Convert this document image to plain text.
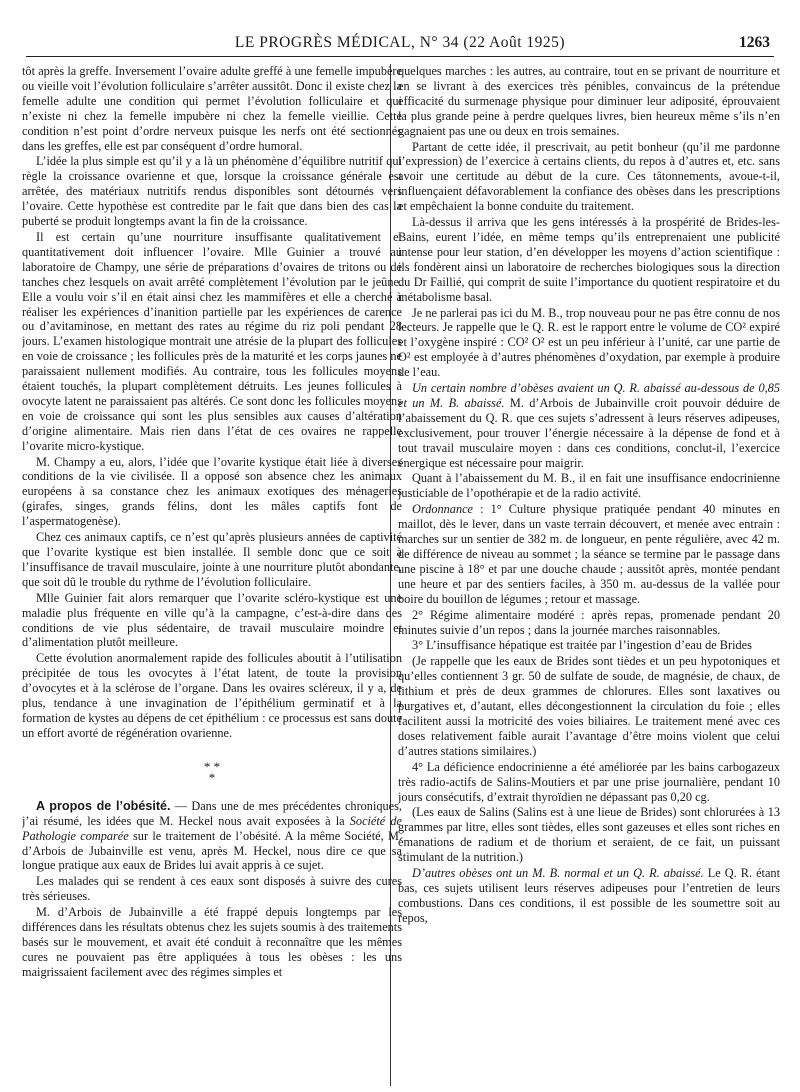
LE PROGRÈS MÉDICAL, N° 34 (22 Août 1925)	1263

tôt après la greffe. Inversement l’ovaire adulte greffé à une femelle impubère ou vieille voit l’évolution folliculaire s’arrêter aussitôt. Donc il existe chez la femelle adulte une condition qui permet l’évolution folliculaire et qui n’existe ni chez la femelle impubère ni chez la femelle vieillie. Cette condition n’est point d’ordre nerveux puisque les nerfs ont été sectionnés dans les greffes, elle est par conséquent d’ordre humoral.

L’idée la plus simple est qu’il y a là un phénomène d’équilibre nutritif qui règle la croissance ovarienne et que, lorsque la croissance générale est arrêtée, des matériaux nutritifs rendus disponibles sont détournés vers l’ovaire. Cette hypothèse est contredite par le fait que dans bien des cas la puberté se produit longtemps avant la fin de la croissance.

Il est certain qu’une nourriture insuffisante qualitativement et quantitativement doit influencer l’ovaire. Mlle Guinier a trouvé au laboratoire de Champy, une série de préparations d’ovaires de tritons ou de tanches chez lesquels on avait arrêté complètement l’évolution par le jeûne. Elle a voulu voir s’il en était ainsi chez les mammifères et elle a cherché à réaliser les expériences d’inanition partielle par les expériences de carence ou d’avitaminose, en mettant des rates au régime du riz poli pendant 28 jours. L’examen histologique montrait une atrésie de la plupart des follicules en voie de croissance ; les follicules près de la maturité et les corps jaunes ne paraissaient nullement modifiés. Au contraire, tous les follicules moyens étaient touchés, la plupart complètement détruits. Les jeunes follicules à ovocyte latent ne paraissaient pas altérés. Ce sont donc les follicules moyens en voie de croissance qui sont les plus sensibles aux causes d’altération d’origine alimentaire. Mais rien dans l’état de ces ovaires ne rappelle l’ovarite micro-kystique.

M. Champy a eu, alors, l’idée que l’ovarite kystique était liée à diverses conditions de la vie civilisée. Il a opposé son absence chez les animaux européens à sa constance chez les animaux exotiques des ménageries (girafes, singes, grands félins, dont les mâles captifs font de l’aspermatogenèse).

Chez ces animaux captifs, ce n’est qu’après plusieurs années de captivité que l’ovarite kystique est bien installée. Il semble donc que ce soit à l’insuffisance de travail musculaire, jointe à une nourriture plutôt abondante, que soit dû le trouble du rythme de l’évolution folliculaire.

Mlle Guinier fait alors remarquer que l’ovarite scléro-kystique est une maladie plus fréquente en ville qu’à la campagne, c’est-à-dire dans des conditions de vie plus sédentaire, de travail musculaire moindre et d’alimentation plutôt meilleure.

Cette évolution anormalement rapide des follicules aboutit à l’utilisation précipitée de tous les ovocytes à l’état latent, de toute la provision d’ovocytes et à la sclérose de l’organe. Dans les ovaires scléreux, il y a, de plus, tendance à une invagination de l’épithélium germinatif et à la formation de kystes au dépens de cet épithélium : ce processus est sans doute un effort avorté de régénération ovarienne.

* *
*

A propos de l’obésité. — Dans une de mes précédentes chroniques, j’ai résumé, les idées que M. Heckel nous avait exposées à la Société de Pathologie comparée sur le traitement de l’obésité. A la même Société, M. d’Arbois de Jubainville est venu, après M. Heckel, nous dire ce que sa longue pratique aux eaux de Brides lui avait appris à ce sujet.

Les malades qui se rendent à ces eaux sont disposés à suivre des cures très sérieuses.

M. d’Arbois de Jubainville a été frappé depuis longtemps par les différences dans les résultats obtenus chez les sujets soumis à des traitements basés sur le mouvement, et avait été conduit à reconnaître que les mêmes cures ne pouvaient pas être appliquées à tous les obèses : les uns maigrissaient facilement avec des régimes simples et

quelques marches : les autres, au contraire, tout en se privant de nourriture et en se livrant à des exercices très pénibles, convaincus de la prétendue efficacité du surmenage physique pour diminuer leur adiposité, éprouvaient la plus grande peine à perdre quelques livres, bien heureux même s’ils n’en gagnaient pas une ou deux en trois semaines.

Partant de cette idée, il prescrivait, au petit bonheur (qu’il me pardonne l’expression) de l’exercice à certains clients, du repos à d’autres et, etc. sans avoir une certitude au début de la cure. Ces tâtonnements, avoue-t-il, influençaient défavorablement la confiance des obèses dans les prescriptions et empêchaient la bonne conduite du traitement.

Là-dessus il arriva que les gens intéressés à la prospérité de Brides-les-Bains, eurent l’idée, en même temps qu’ils entreprenaient une publicité intense pour leur station, d’en développer les moyens d’action scientifique : ils fondèrent ainsi un laboratoire de recherches biologiques sous la direction du Dr Faillié, qui comprit de suite l’importance du quotient respiratoire et du métabolisme basal.

Je ne parlerai pas ici du M. B., trop nouveau pour ne pas être connu de nos lecteurs. Je rappelle que le Q. R. est le rapport entre le volume de CO² expiré et l’oxygène inspiré : CO² O² est un peu inférieur à l’unité, car une partie de O² est employée à d’autres phénomènes d’oxydation, par exemple à produire de l’eau.

Un certain nombre d’obèses avaient un Q. R. abaissé au-dessous de 0,85 et un M. B. abaissé. M. d’Arbois de Jubainville croit pouvoir déduire de l’abaissement du Q. R. que ces sujets s’adressent à leurs réserves adipeuses, exclusivement, pour trouver l’énergie nécessaire à la dépense de fond et à tout travail musculaire moyen : dans ces conditions, conclut-il, l’exercice énergique est nécessaire pour maigrir.

Quant à l’abaissement du M. B., il en fait une insuffisance endocrinienne justiciable de l’opothérapie et de la radio activité.

Ordonnance : 1° Culture physique pratiquée pendant 40 minutes en maillot, dès le lever, dans un vaste terrain découvert, et menée avec entrain : marches sur un sentier de 382 m. de longueur, en pente régulière, avec 42 m. de différence de niveau au sommet ; la séance se termine par le passage dans une piscine à 18° et par une douche chaude ; aussitôt après, montée pendant une heure et par des sentiers faciles, à 350 m. au-dessus de la vallée pour boire du bouillon de légumes ; retour et massage.

2° Régime alimentaire modéré : après repas, promenade pendant 20 minutes suivie d’un repos ; dans la journée marches raisonnables.

3° L’insuffisance hépatique est traitée par l’ingestion d’eau de Brides

(Je rappelle que les eaux de Brides sont tièdes et un peu hypotoniques et qu’elles contiennent 3 gr. 50 de sulfate de soude, de magnésie, de chaux, de lithium et près de deux grammes de chlorures. Elles sont laxatives ou purgatives et, d’autant, elles décongestionnent la circulation du foie ; elles facilitent aussi la motricité des voies biliaires. Le traitement mené avec ces doses relativement faible aurait l’avantage d’être moins violent que celui d’autres stations similaires.)

4° La déficience endocrinienne a été améliorée par les bains carbogazeux très radio-actifs de Salins-Moutiers et par une prise journalière, pendant 10 jours consécutifs, d’extrait thyroïdien ne dépassant pas 0,20 cg.

(Les eaux de Salins (Salins est à une lieue de Brides) sont chlorurées à 13 grammes par litre, elles sont tièdes, elles sont gazeuses et elles sont riches en émanations de radium et de thorium et seraient, de ce fait, un puissant stimulant de la nutrition.)

D’autres obèses ont un M. B. normal et un Q. R. abaissé. Le Q. R. étant bas, ces sujets utilisent leurs réserves adipeuses pour l’entretien de leurs combustions. Dans ces conditions, il est possible de les soumettre soit au repos,
